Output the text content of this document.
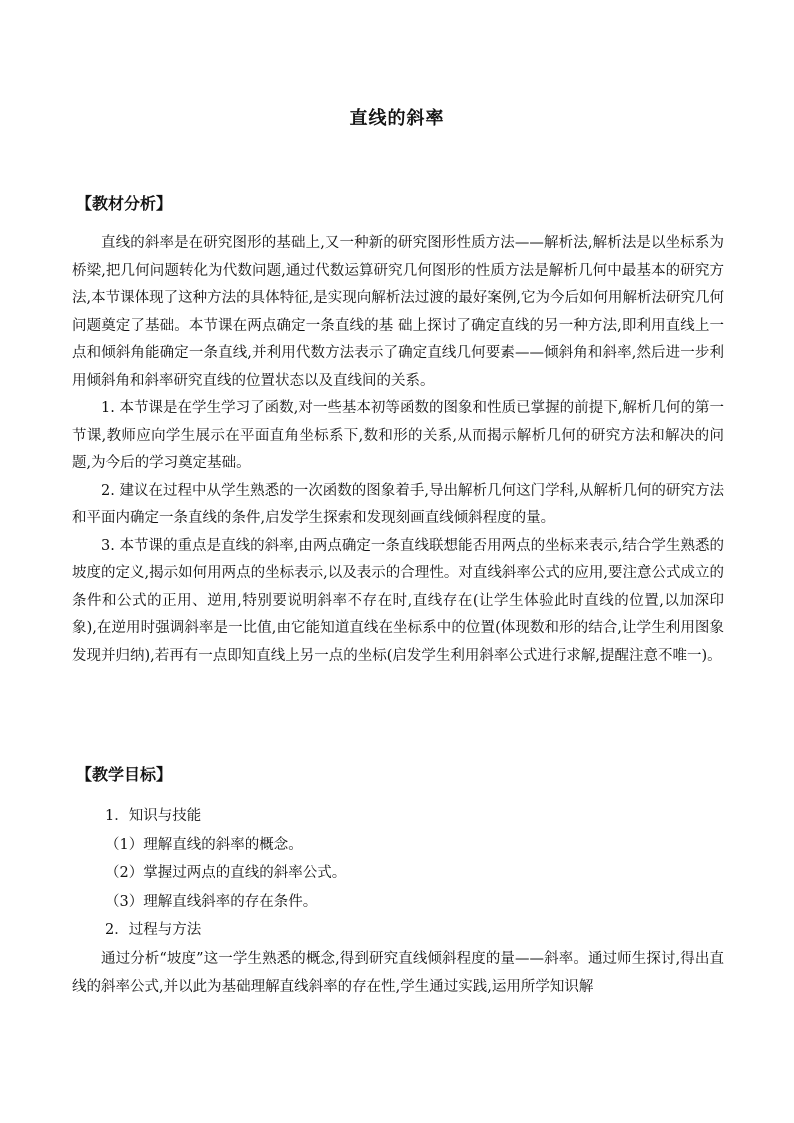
直线的斜率
【教材分析】

直线的斜率是在研究图形的基础上,又一种新的研究图形性质方法——解析法,解析法是以坐标系为桥梁,把几何问题转化为代数问题,通过代数运算研究几何图形的性质方法是解析几何中最基本的研究方法,本节课体现了这种方法的具体特征,是实现向解析法过渡的最好案例,它为今后如何用解析法研究几何问题奠定了基础。本节课在两点确定一条直线的基 础上探讨了确定直线的另一种方法,即利用直线上一点和倾斜角能确定一条直线,并利用代数方法表示了确定直线几何要素——倾斜角和斜率,然后进一步利用倾斜角和斜率研究直线的位置状态以及直线间的关系。

1. 本节课是在学生学习了函数,对一些基本初等函数的图象和性质已掌握的前提下,解析几何的第一节课,教师应向学生展示在平面直角坐标系下,数和形的关系,从而揭示解析几何的研究方法和解决的问题,为今后的学习奠定基础。

2. 建议在过程中从学生熟悉的一次函数的图象着手,导出解析几何这门学科,从解析几何的研究方法和平面内确定一条直线的条件,启发学生探索和发现刻画直线倾斜程度的量。

3. 本节课的重点是直线的斜率,由两点确定一条直线联想能否用两点的坐标来表示,结合学生熟悉的坡度的定义,揭示如何用两点的坐标表示,以及表示的合理性。对直线斜率公式的应用,要注意公式成立的条件和公式的正用、逆用,特别要说明斜率不存在时,直线存在(让学生体验此时直线的位置,以加深印象),在逆用时强调斜率是一比值,由它能知道直线在坐标系中的位置(体现数和形的结合,让学生利用图象发现并归纳),若再有一点即知直线上另一点的坐标(启发学生利用斜率公式进行求解,提醒注意不唯一)。

【教学目标】

1．知识与技能

（1）理解直线的斜率的概念。

（2）掌握过两点的直线的斜率公式。

（3）理解直线斜率的存在条件。

2．过程与方法

通过分析“坡度”这一学生熟悉的概念,得到研究直线倾斜程度的量——斜率。通过师生探讨,得出直线的斜率公式,并以此为基础理解直线斜率的存在性,学生通过实践,运用所学知识解
